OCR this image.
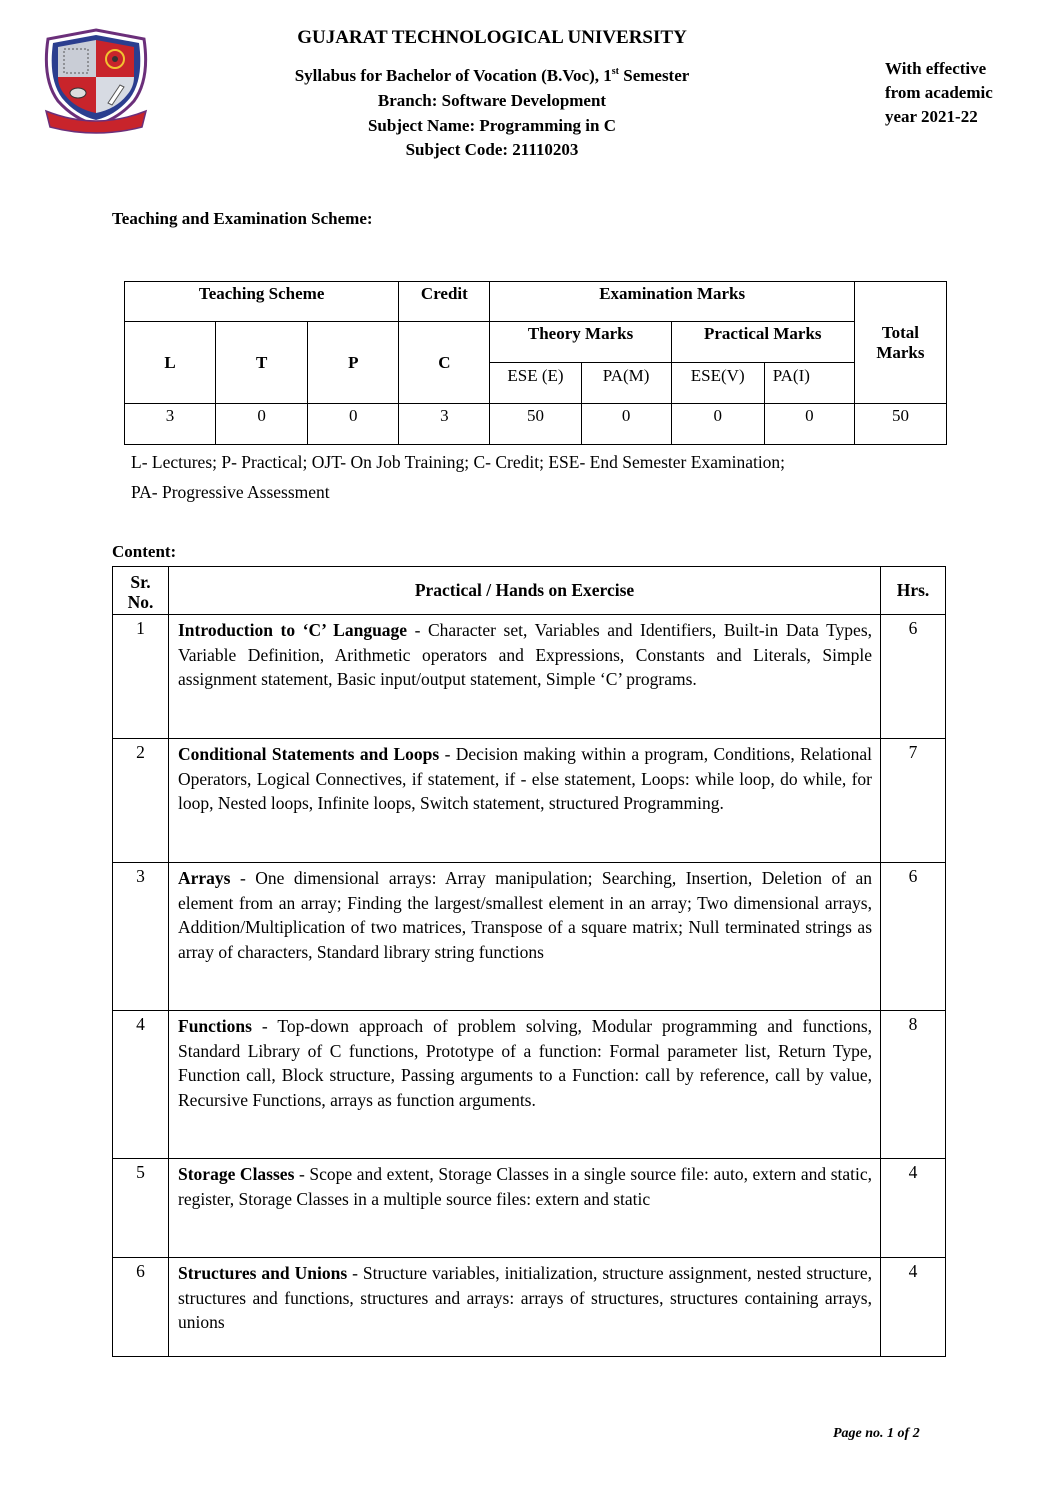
GUJARAT TECHNOLOGICAL UNIVERSITY
Syllabus for Bachelor of Vocation (B.Voc), 1st Semester
Branch: Software Development
Subject Name: Programming in C
Subject Code: 21110203
With effective
from academic
year 2021-22
Teaching and Examination Scheme:
Teaching Scheme			Credit	Examination Marks				Total
Marks

L	T	P	C	Theory Marks		Practical Marks		
				ESE (E)	PA(M)	ESE(V)	PA(I)	
3	0	0	3	50	0	0	0	50
L- Lectures; P- Practical; OJT- On Job Training; C- Credit; ESE- End Semester Examination;
PA- Progressive Assessment
Content:
Sr.
No.	Practical / Hands on Exercise	Hrs.
1	Introduction to ‘C’ Language - Character set, Variables and Identifiers, Built-in Data Types, Variable Definition, Arithmetic operators and Expressions, Constants and Literals, Simple assignment statement, Basic input/output statement, Simple ‘C’ programs.	6
2	Conditional Statements and Loops - Decision making within a program, Conditions, Relational Operators, Logical Connectives, if statement, if - else statement, Loops: while loop, do while, for loop, Nested loops, Infinite loops, Switch statement, structured Programming.	7
3	Arrays - One dimensional arrays: Array manipulation; Searching, Insertion, Deletion of an element from an array; Finding the largest/smallest element in an array; Two dimensional arrays, Addition/Multiplication of two matrices, Transpose of a square matrix; Null terminated strings as array of characters, Standard library string functions	6
4	Functions - Top-down approach of problem solving, Modular programming and functions, Standard Library of C functions, Prototype of a function: Formal parameter list, Return Type, Function call, Block structure, Passing arguments to a Function: call by reference, call by value, Recursive Functions, arrays as function arguments.	8
5	Storage Classes - Scope and extent, Storage Classes in a single source file: auto, extern and static, register, Storage Classes in a multiple source files: extern and static	4
6	Structures and Unions - Structure variables, initialization, structure assignment, nested structure, structures and functions, structures and arrays: arrays of structures, structures containing arrays, unions	4
Page no. 1 of 2
